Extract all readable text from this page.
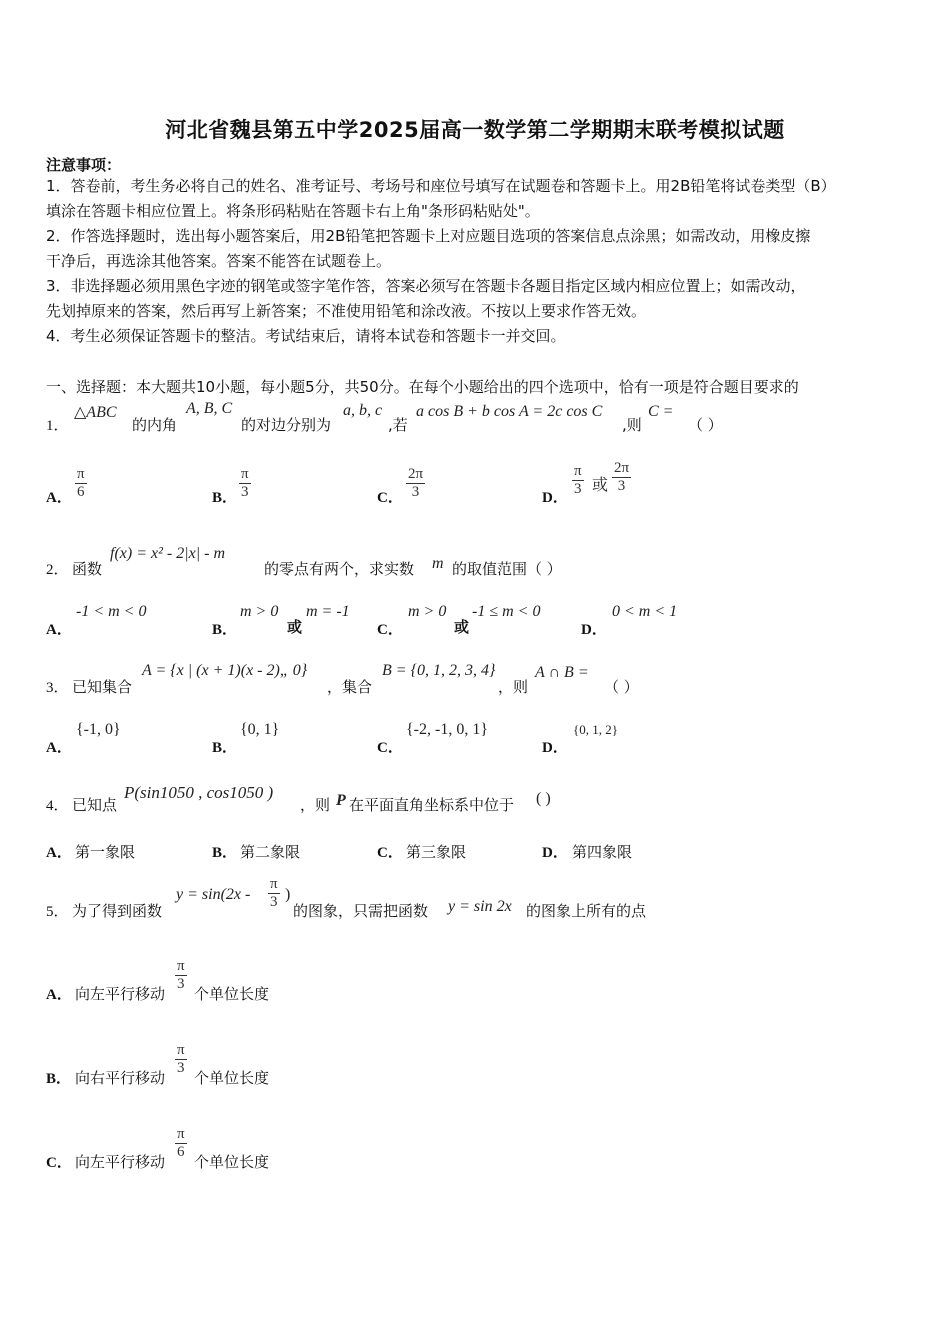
河北省魏县第五中学2025届高一数学第二学期期末联考模拟试题
注意事项：
1．答卷前，考生务必将自己的姓名、准考证号、考场号和座位号填写在试题卷和答题卡上。用2B铅笔将试卷类型（B）
填涂在答题卡相应位置上。将条形码粘贴在答题卡右上角"条形码粘贴处"。
2．作答选择题时，选出每小题答案后，用2B铅笔把答题卡上对应题目选项的答案信息点涂黑；如需改动，用橡皮擦
干净后，再选涂其他答案。答案不能答在试题卷上。
3．非选择题必须用黑色字迹的钢笔或签字笔作答，答案必须写在答题卡各题目指定区域内相应位置上；如需改动，
先划掉原来的答案，然后再写上新答案；不准使用铅笔和涂改液。不按以上要求作答无效。
4．考生必须保证答题卡的整洁。考试结束后，请将本试卷和答题卡一并交回。
一、选择题：本大题共10小题，每小题5分，共50分。在每个小题给出的四个选项中，恰有一项是符合题目要求的
1．
△ABC
的内角
A, B, C
的对边分别为
a, b, c
,若
a cos B + b cos A = 2c cos C
,则
C =
（ ）
A． $\frac{\pi}{6}$	B． $\frac{\pi}{3}$	C． $\frac{2\pi}{3}$	D． $\frac{\pi}{3}$ 或 $\frac{2\pi}{3}$
2． 函数
f(x) = x² - 2|x| - m
的零点有两个，求实数 m 的取值范围（ ）
A．
-1 < m < 0
B．
m > 0
或
m = -1
C．
m > 0
或
-1 ≤ m < 0
D．
0 < m < 1
3． 已知集合
A = {x | (x + 1)(x - 2)„ 0}
，集合
B = {0, 1, 2, 3, 4}
，则
A ∩ B =
（ ）
A．
{-1, 0}
B．
{0, 1}
C．
{-2, -1, 0, 1}
D．
{0, 1, 2}
4． 已知点
P(sin1050 , cos1050 )
，则 P 在平面直角坐标系中位于 ( )
A． 第一象限	B． 第二象限	C． 第三象限	D． 第四象限
5． 为了得到函数
$y = \sin(2x - \frac{\pi}{3}$ )
的图象，只需把函数 y = sin 2x 的图象上所有的点
A． 向左平行移动
$\frac{\pi}{3}$
个单位长度
B． 向右平行移动
$\frac{\pi}{3}$
个单位长度
C． 向左平行移动
$\frac{\pi}{6}$
个单位长度
